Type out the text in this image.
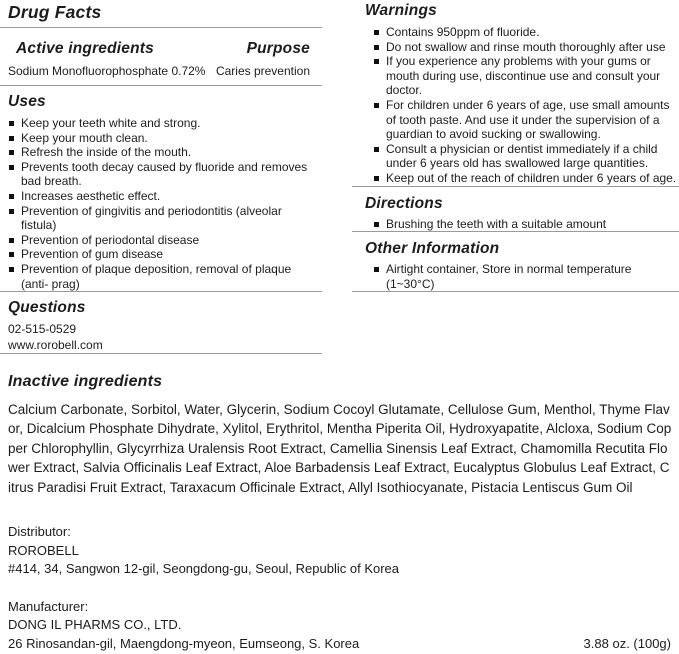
Drug Facts
Active ingredients	Purpose
Sodium Monofluorophosphate 0.72% Caries prevention
Uses
Keep your teeth white and strong.
Keep your mouth clean.
Refresh the inside of the mouth.
Prevents tooth decay caused by fluoride and removes bad breath.
Increases aesthetic effect.
Prevention of gingivitis and periodontitis (alveolar fistula)
Prevention of periodontal disease
Prevention of gum disease
Prevention of plaque deposition, removal of plaque (anti- prag)
Questions
02-515-0529
www.rorobell.com
Warnings
Contains 950ppm of fluoride.
Do not swallow and rinse mouth thoroughly after use
If you experience any problems with your gums or mouth during use, discontinue use and consult your doctor.
For children under 6 years of age, use small amounts of tooth paste. And use it under the supervision of a guardian to avoid sucking or swallowing.
Consult a physician or dentist immediately if a child under 6 years old has swallowed large quantities.
Keep out of the reach of children under 6 years of age.
Directions
Brushing the teeth with a suitable amount
Other Information
Airtight container, Store in normal temperature (1~30°C)
Inactive ingredients

Calcium Carbonate, Sorbitol, Water, Glycerin, Sodium Cocoyl Glutamate, Cellulose Gum, Menthol, Thyme Flavor, Dicalcium Phosphate Dihydrate, Xylitol, Erythritol, Mentha Piperita Oil, Hydroxyapatite, Alcloxa, Sodium Copper Chlorophyllin, Glycyrrhiza Uralensis Root Extract, Camellia Sinensis Leaf Extract, Chamomilla Recutita Flower Extract, Salvia Officinalis Leaf Extract, Aloe Barbadensis Leaf Extract, Eucalyptus Globulus Leaf Extract, Citrus Paradisi Fruit Extract, Taraxacum Officinale Extract, Allyl Isothiocyanate, Pistacia Lentiscus Gum Oil

Distributor:
ROROBELL
#414, 34, Sangwon 12-gil, Seongdong-gu, Seoul, Republic of Korea
Manufacturer:
DONG IL PHARMS CO., LTD.
26 Rinosandan-gil, Maengdong-myeon, Eumseong, S. Korea	3.88 oz. (100g)
